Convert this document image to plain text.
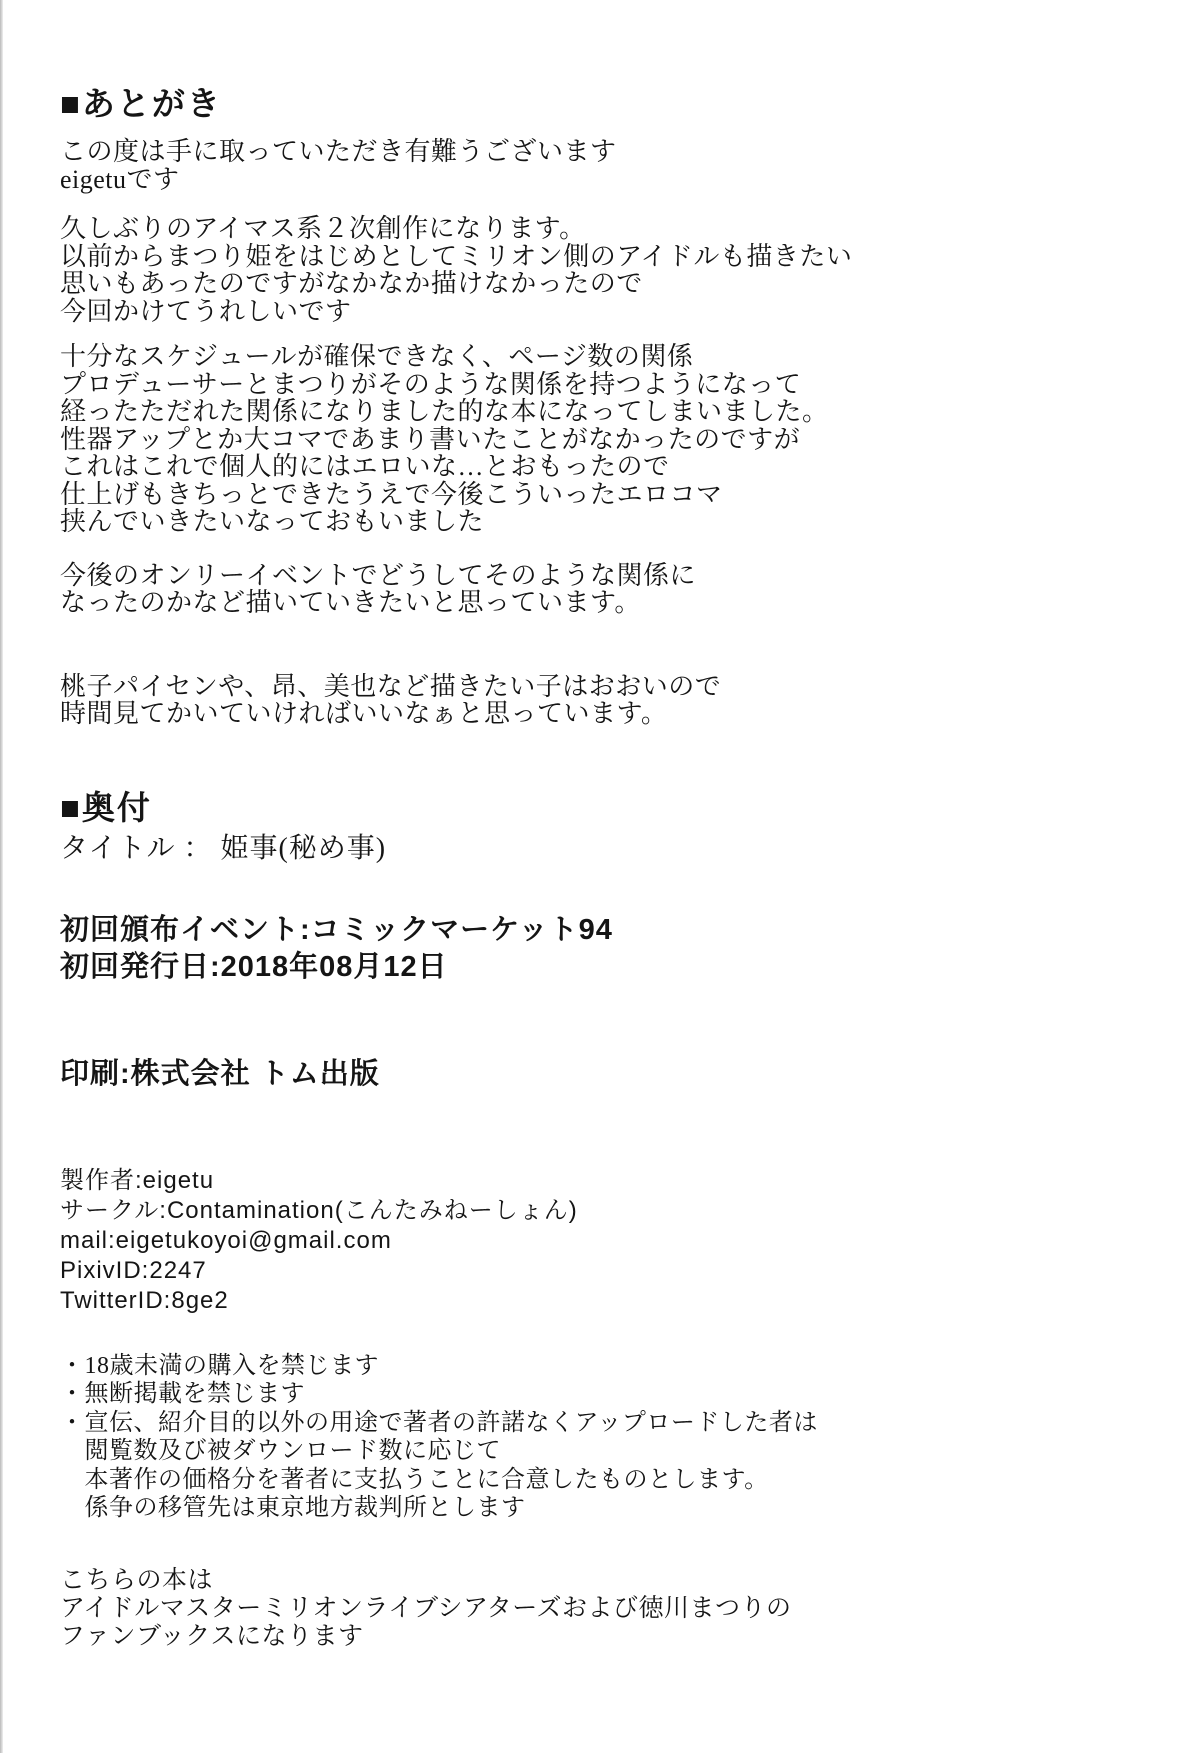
■あとがき
この度は手に取っていただき有難うございます
eigetuです
久しぶりのアイマス系２次創作になります。
以前からまつり姫をはじめとしてミリオン側のアイドルも描きたい
思いもあったのですがなかなか描けなかったので
今回かけてうれしいです
十分なスケジュールが確保できなく、ページ数の関係
プロデューサーとまつりがそのような関係を持つようになって
経ったただれた関係になりました的な本になってしまいました。
性器アップとか大コマであまり書いたことがなかったのですが
これはこれで個人的にはエロいな…とおもったので
仕上げもきちっとできたうえで今後こういったエロコマ
挟んでいきたいなっておもいました
今後のオンリーイベントでどうしてそのような関係に
なったのかなど描いていきたいと思っています。
桃子パイセンや、昂、美也など描きたい子はおおいので
時間見てかいていければいいなぁと思っています。
■奥付
タイトル ： 姫事(秘め事)
初回頒布イベント:コミックマーケット94
初回発行日:2018年08月12日
印刷:株式会社 トム出版
製作者:eigetu
サークル:Contamination(こんたみねーしょん)
mail:eigetukoyoi@gmail.com
PixivID:2247
TwitterID:8ge2
・18歳未満の購入を禁じます
・無断掲載を禁じます
・宣伝、紹介目的以外の用途で著者の許諾なくアップロードした者は
　閲覧数及び被ダウンロード数に応じて
　本著作の価格分を著者に支払うことに合意したものとします。
　係争の移管先は東京地方裁判所とします
こちらの本は
アイドルマスターミリオンライブシアターズおよび徳川まつりの
ファンブックスになります
